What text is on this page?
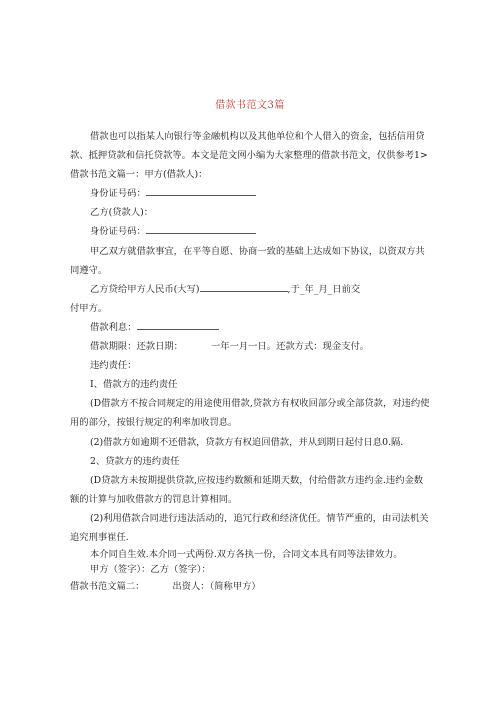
借款书范文3篇

借款也可以指某人向银行等金融机构以及其他单位和个人借入的资金，包括信用贷

款、抵押贷款和信托贷款等。本文是范文网小编为大家整理的借款书范文，仅供参考1>

借款书范文篇一：甲方(借款人)：

身份证号码：

乙方(贷款人)：

身份证号码：

甲乙双方就借款事宜，在平等自愿、协商一致的基础上达成如下协议，以资双方共

同遵守。

乙方贷给甲方人民币(大写)	,于_年_月_日前交

付甲方。

借款利息：

借款期限：还款日期：	一年一月一日。还款方式：现金支付。

违约责任：

I、借款方的违约责任

(D借款方不按合同规定的用途使用借款,贷款方有权收回部分或全部贷款，对违约使

用的部分，按银行规定的利率加收罚息。

(2)借款方如逾期不还借款，贷款方有权追回借款，并从到期日起付日息0.隔.

2、贷款方的违约责任

(D贷款方未按期提供贷款,应按违约数额和延期天数，付给借款方违约金.违约金数

额的计算与加收借款方的罚息计算相同。

(2)利用借款合同进行违法活动的，追冗行政和经济优任。情节严重的，由司法机关

追究刑事崔任.

本介同自生效.本介同一式两份.双方各执一份，合同文本具有同等法律效力。

甲方（签字）：乙方（签字）：

借款书范文篇二：	出资人：（简称甲方）
